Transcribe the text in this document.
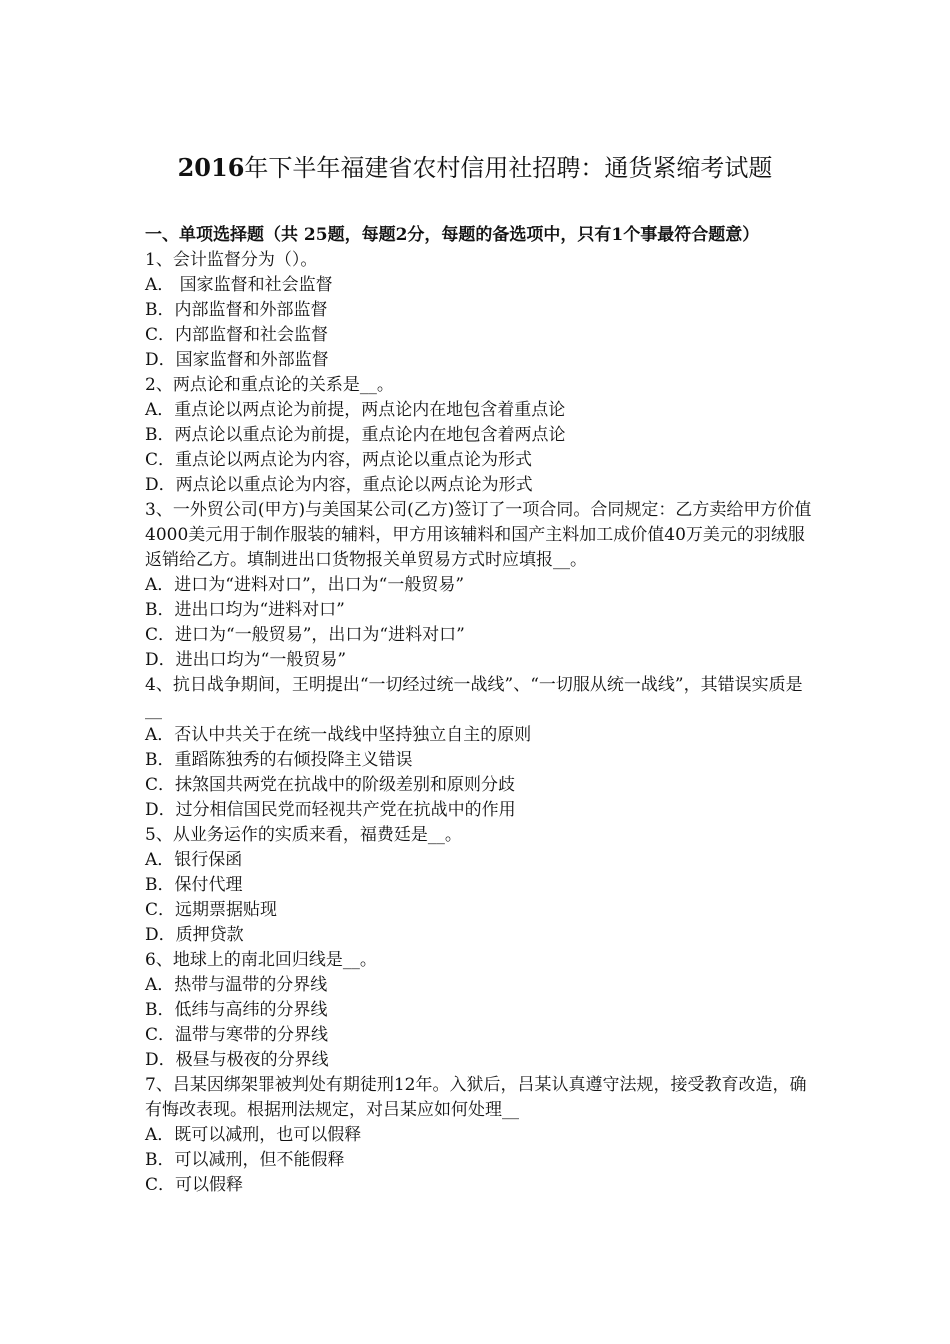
2016年下半年福建省农村信用社招聘：通货紧缩考试题
一、单项选择题（共 25题，每题2分，每题的备选项中，只有1个事最符合题意）
1、会计监督分为（）。
A． 国家监督和社会监督
B．内部监督和外部监督
C．内部监督和社会监督
D．国家监督和外部监督
2、两点论和重点论的关系是__。
A．重点论以两点论为前提，两点论内在地包含着重点论
B．两点论以重点论为前提，重点论内在地包含着两点论
C．重点论以两点论为内容，两点论以重点论为形式
D．两点论以重点论为内容，重点论以两点论为形式
3、一外贸公司(甲方)与美国某公司(乙方)签订了一项合同。合同规定：乙方卖给甲方价值4000美元用于制作服装的辅料，甲方用该辅料和国产主料加工成价值40万美元的羽绒服返销给乙方。填制进出口货物报关单贸易方式时应填报__。
A．进口为“进料对口”，出口为“一般贸易”
B．进出口均为“进料对口”
C．进口为“一般贸易”，出口为“进料对口”
D．进出口均为“一般贸易”
4、抗日战争期间，王明提出“一切经过统一战线”、“一切服从统一战线”，其错误实质是__
A．否认中共关于在统一战线中坚持独立自主的原则
B．重蹈陈独秀的右倾投降主义错误
C．抹煞国共两党在抗战中的阶级差别和原则分歧
D．过分相信国民党而轻视共产党在抗战中的作用
5、从业务运作的实质来看，福费廷是__。
A．银行保函
B．保付代理
C．远期票据贴现
D．质押贷款
6、地球上的南北回归线是__。
A．热带与温带的分界线
B．低纬与高纬的分界线
C．温带与寒带的分界线
D．极昼与极夜的分界线
7、吕某因绑架罪被判处有期徒刑12年。入狱后，吕某认真遵守法规，接受教育改造，确有悔改表现。根据刑法规定，对吕某应如何处理__
A．既可以减刑，也可以假释
B．可以减刑，但不能假释
C．可以假释
